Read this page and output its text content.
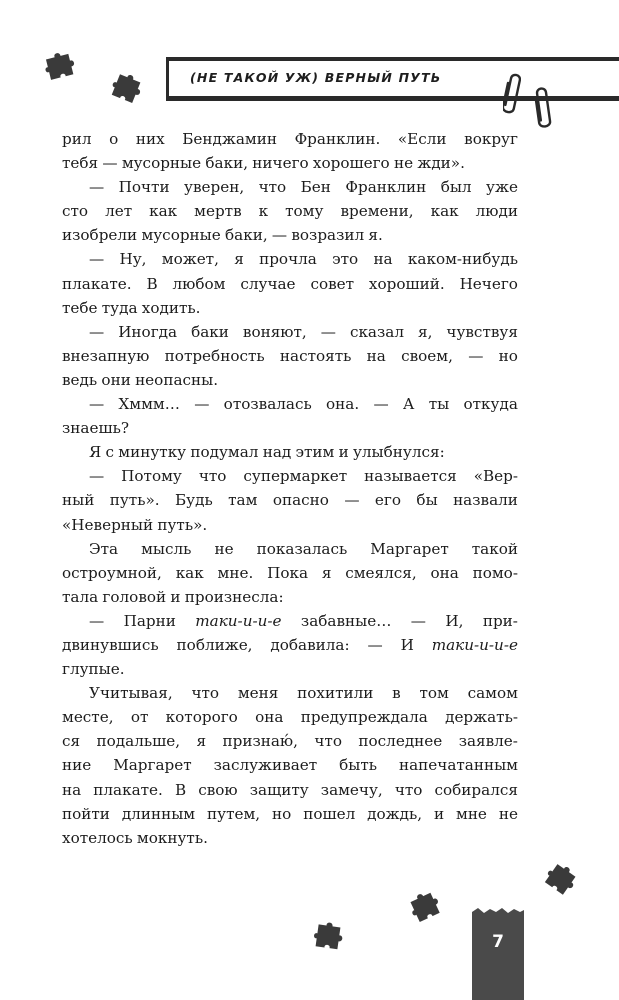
(НЕ ТАКОЙ УЖ) ВЕРНЫЙ ПУТЬ
рил о них Бенджамин Франклин. «Если вокруг
тебя — мусорные баки, ничего хорошего не жди».
— Почти уверен, что Бен Франклин был уже
сто лет как мертв к тому времени, как люди
изобрели мусорные баки, — возразил я.
— Ну, может, я прочла это на каком-нибудь
плакате. В любом случае совет хороший. Нечего
тебе туда ходить.
— Иногда баки воняют, — сказал я, чувствуя
внезапную потребность настоять на своем, — но
ведь они неопасны.
— Хммм… — отозвалась она. — А ты откуда
знаешь?
Я с минутку подумал над этим и улыбнулся:
— Потому что супермаркет называется «Вер-
ный путь». Будь там опасно — его бы назвали
«Неверный путь».
Эта мысль не показалась Маргарет такой
остроумной, как мне. Пока я смеялся, она помо-
тала головой и произнесла:
— Парни таки-и-и-е забавные… — И, при-
двинувшись поближе, добавила: — И таки-и-и-е
глупые.
Учитывая, что меня похитили в том самом
месте, от которого она предупреждала держать-
ся подальше, я признаю́, что последнее заявле-
ние Маргарет заслуживает быть напечатанным
на плакате. В свою защиту замечу, что собирался
пойти длинным путем, но пошел дождь, и мне не
хотелось мокнуть.
7
